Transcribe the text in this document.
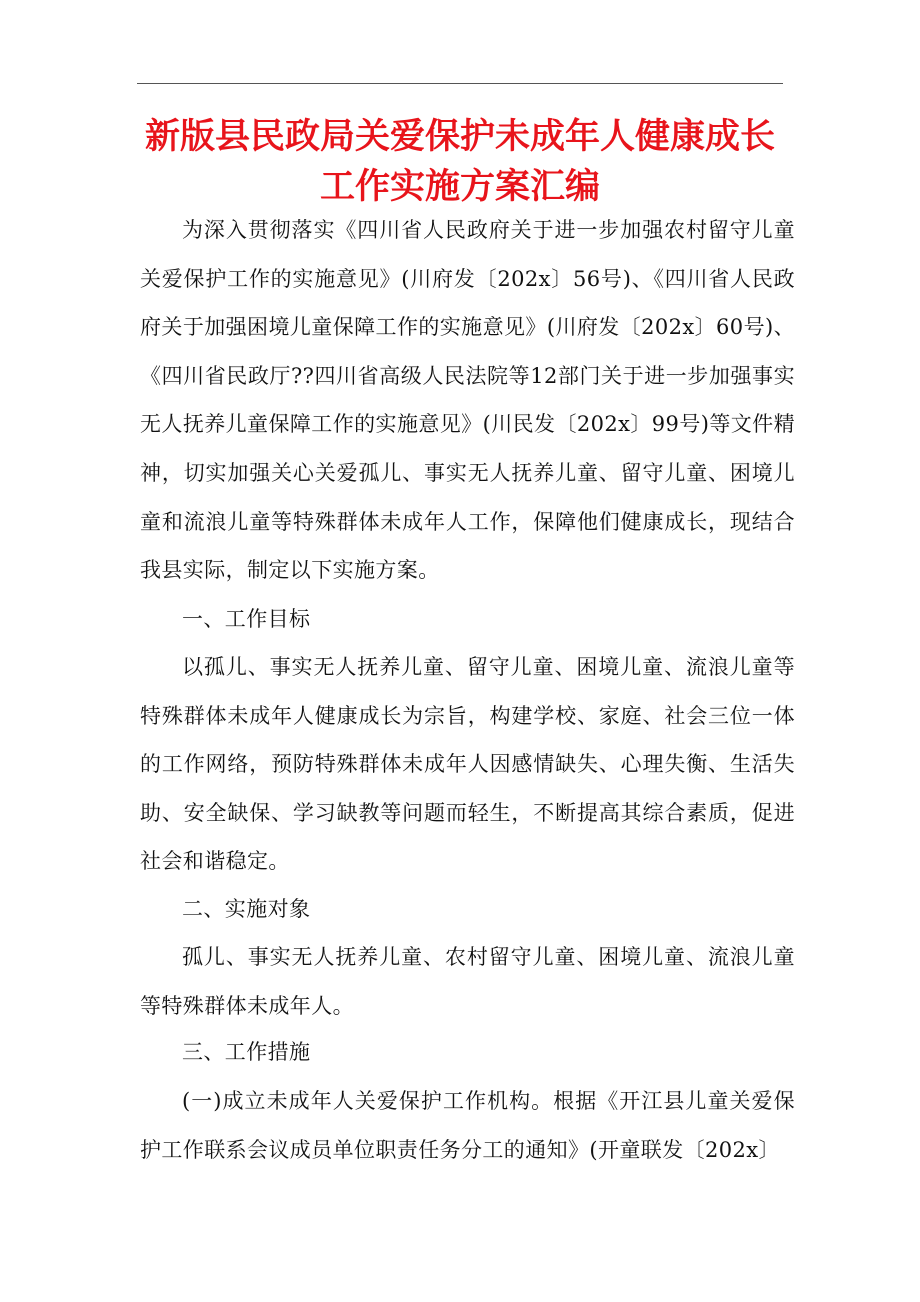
新版县民政局关爱保护未成年人健康成长
工作实施方案汇编

为深入贯彻落实《四川省人民政府关于进一步加强农村留守儿童关爱保护工作的实施意见》(川府发〔202x〕56号)、《四川省人民政府关于加强困境儿童保障工作的实施意见》(川府发〔202x〕60号)、《四川省民政厅??四川省高级人民法院等12部门关于进一步加强事实无人抚养儿童保障工作的实施意见》(川民发〔202x〕99号)等文件精神，切实加强关心关爱孤儿、事实无人抚养儿童、留守儿童、困境儿童和流浪儿童等特殊群体未成年人工作，保障他们健康成长，现结合我县实际，制定以下实施方案。

一、工作目标

以孤儿、事实无人抚养儿童、留守儿童、困境儿童、流浪儿童等特殊群体未成年人健康成长为宗旨，构建学校、家庭、社会三位一体的工作网络，预防特殊群体未成年人因感情缺失、心理失衡、生活失助、安全缺保、学习缺教等问题而轻生，不断提高其综合素质，促进社会和谐稳定。

二、实施对象

孤儿、事实无人抚养儿童、农村留守儿童、困境儿童、流浪儿童等特殊群体未成年人。

三、工作措施

(一)成立未成年人关爱保护工作机构。根据《开江县儿童关爱保护工作联系会议成员单位职责任务分工的通知》(开童联发〔202x〕
